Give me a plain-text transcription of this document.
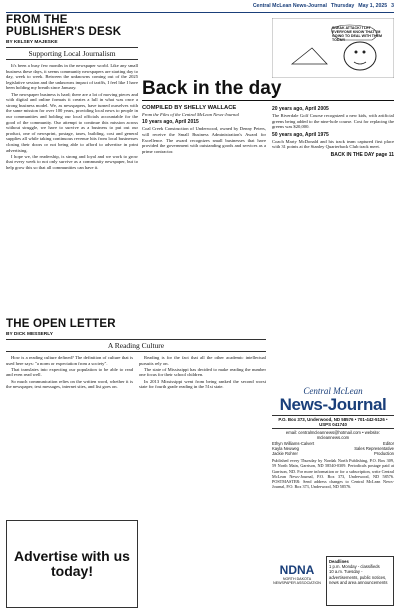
Central McLean News-Journal Thursday May 1, 2025 3
FROM THE PUBLISHER'S DESK
BY KELSEY MAJESKE
Supporting Local Journalism

It's been a busy few months in the newspaper world. Like any small business these days, it seems community newspapers are starting day to day, week to week. Between the unknowns coming out of the 2025 legislative session and the unknowns impact of tariffs, I feel like I have been holding my breath since January.

The newspaper business is hard; there are a lot of moving pieces and with digital and online formats it creates a lull in what was once a strong business model. We, as newspapers, have turned ourselves with the same mission for over 100 years, providing local news to people in our communities and holding our local officials accountable for the good of the community. Our attempt to continue this mission across without struggle, we have to survive as a business to put out our product, one of newsprint, postage, taxes, building, cost and general supplies all while taking continuous revenue hits from local businesses closing their doors or not being able to afford to advertise in print advertising.

I hope we, the readership, is strong and loyal and we work to grow that every week to not only survive as a community newspaper, but to help grow this so that all communities can have it.

SNEAK ATTACK! I LET EVERYONE KNOW THAT I'M GOING TO DEAL WITH THEM TODAY!
Back in the day
COMPILED BY SHELLY WALLACE
From the Files of the Central McLean News-Journal
10 years ago, April 2015
Coal Creek Construction of Underwood, owned by Denny Peters, will receive the Small Business Administration's Award for Excellence. The award recognizes small businesses that have provided the government with outstanding goods and services as a prime contractor.
20 years ago, April 2005
The Riverdale Golf Course recognized a new kids, with artificial greens being added to the nine-hole course. Cost for replacing the greens was $20,000.
50 years ago, April 1975
Coach Marty McDonald and his track team captured first place with 31 points at the Stanley Quarterback Club track meet.
BACK IN THE DAY page 11
THE OPEN LETTER
BY DICK MESSERLY
A Reading Culture

How is a reading culture defined? The definition of culture that is used here says: "a norm or expectation from a society".

That translates into expecting our population to be able to read and even read well.

So much communication relies on the written word, whether it is the newspaper, text messages, internet sites, and list goes on.

Reading is for the fact that all the other academic intellectual pursuits rely on.

The state of Mississippi has decided to make reading the number one focus for their school children.

In 2013 Mississippi went from being ranked the second worst state for fourth grade reading in the 51st state.

Advertise with us today!
Central McLean
News-Journal
P.O. Box 373, Underwood, ND 58576 • 701-442-5126 • USPS 041740
email: centralmcleannews@hotmail.com • website: mcleannews.com
Ethyn Williams-Calvert	Editor
Kayla Neuweg	Sales Representative
Jackie Rohrer	Production
Published every Thursday by Nordak North Publishing, P.O. Box 309, 59 North Main, Garrison, ND 58540-0309. Periodicals postage paid at Garrison, ND. For more information or for a subscription, write Central McLean News-Journal, P.O. Box 373, Underwood, ND 58576. POSTMASTER: Send address changes to Central McLean News-Journal, P.O. Box 373, Underwood, ND 58576.
NDNA
NORTH DAKOTA NEWSPAPER ASSOCIATION
Deadlines
1 p.m. Monday - classifieds
10 a.m. Tuesday - advertisements, public notices, news and area announcements
